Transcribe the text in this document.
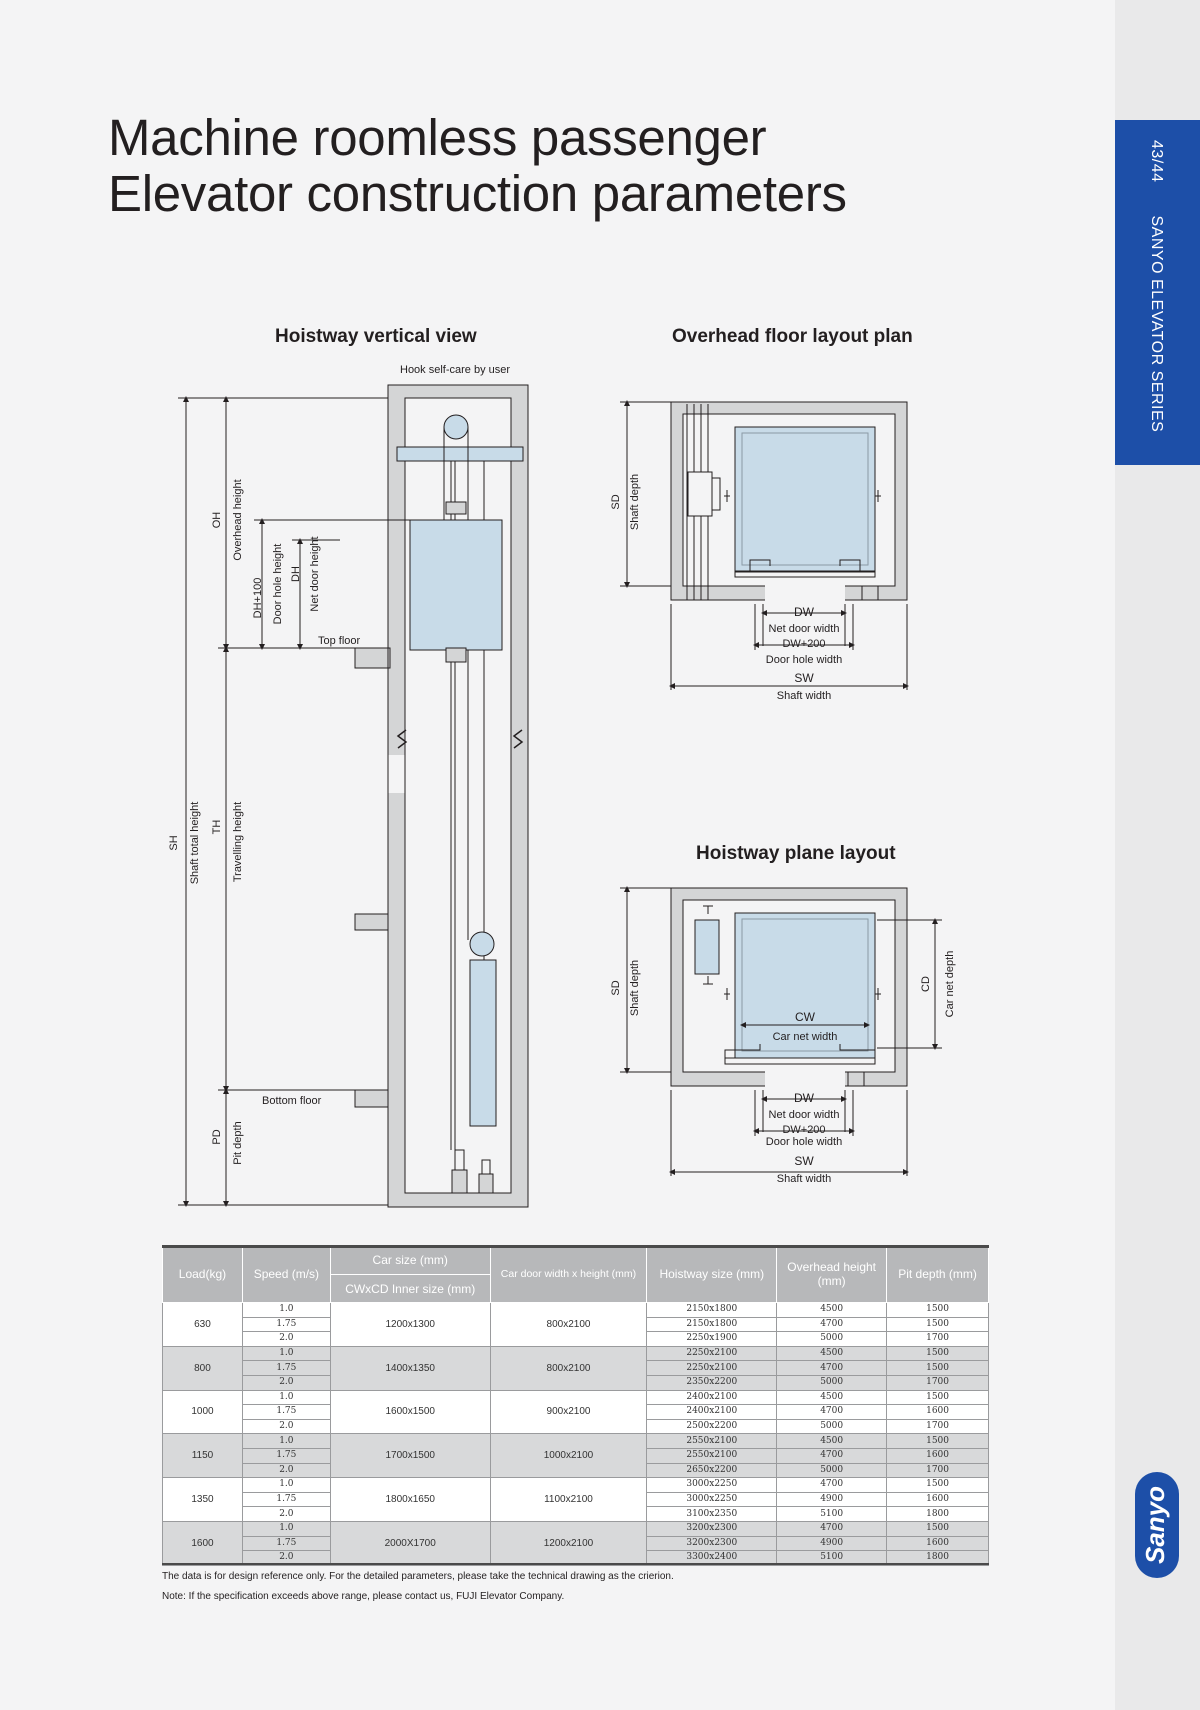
43/44 SANYO ELEVATOR SERIES
Sanyo
Machine roomless passenger
Elevator construction parameters
Hoistway vertical view	Overhead floor layout plan
Hoistway plane layout
Hook self-care by user
OH Overhead height
DH+100 Door hole height DH Net door height
Top floor
SH Shaft total height TH Travelling height
Bottom floor
PD Pit depth
SD Shaft depth
DW
Net door width
DW+200
Door hole width
SW
Shaft width
SD Shaft depth	CD Car net depth
CW
Car net width
DW
Net door width
DW+200
Door hole width
SW
Shaft width
Load(kg)	Speed (m/s)	Car size (mm)	Car door width x height (mm)	Hoistway size (mm)	Overhead height (mm)	Pit depth (mm)
		CWxCD Inner size (mm)				
630	1.0	1200x1300	800x2100	2150x1800	4500	1500
	1.75			2150x1800	4700	1500
	2.0			2250x1900	5000	1700
800	1.0	1400x1350	800x2100	2250x2100	4500	1500
	1.75			2250x2100	4700	1500
	2.0			2350x2200	5000	1700
1000	1.0	1600x1500	900x2100	2400x2100	4500	1500
	1.75			2400x2100	4700	1600
	2.0			2500x2200	5000	1700
1150	1.0	1700x1500	1000x2100	2550x2100	4500	1500
	1.75			2550x2100	4700	1600
	2.0			2650x2200	5000	1700
1350	1.0	1800x1650	1100x2100	3000x2250	4700	1500
	1.75			3000x2250	4900	1600
	2.0			3100x2350	5100	1800
1600	1.0	2000X1700	1200x2100	3200x2300	4700	1500
	1.75			3200x2300	4900	1600
	2.0			3300x2400	5100	1800
The data is for design reference only. For the detailed parameters, please take the technical drawing as the crierion.
Note: If the specification exceeds above range, please contact us, FUJI Elevator Company.
